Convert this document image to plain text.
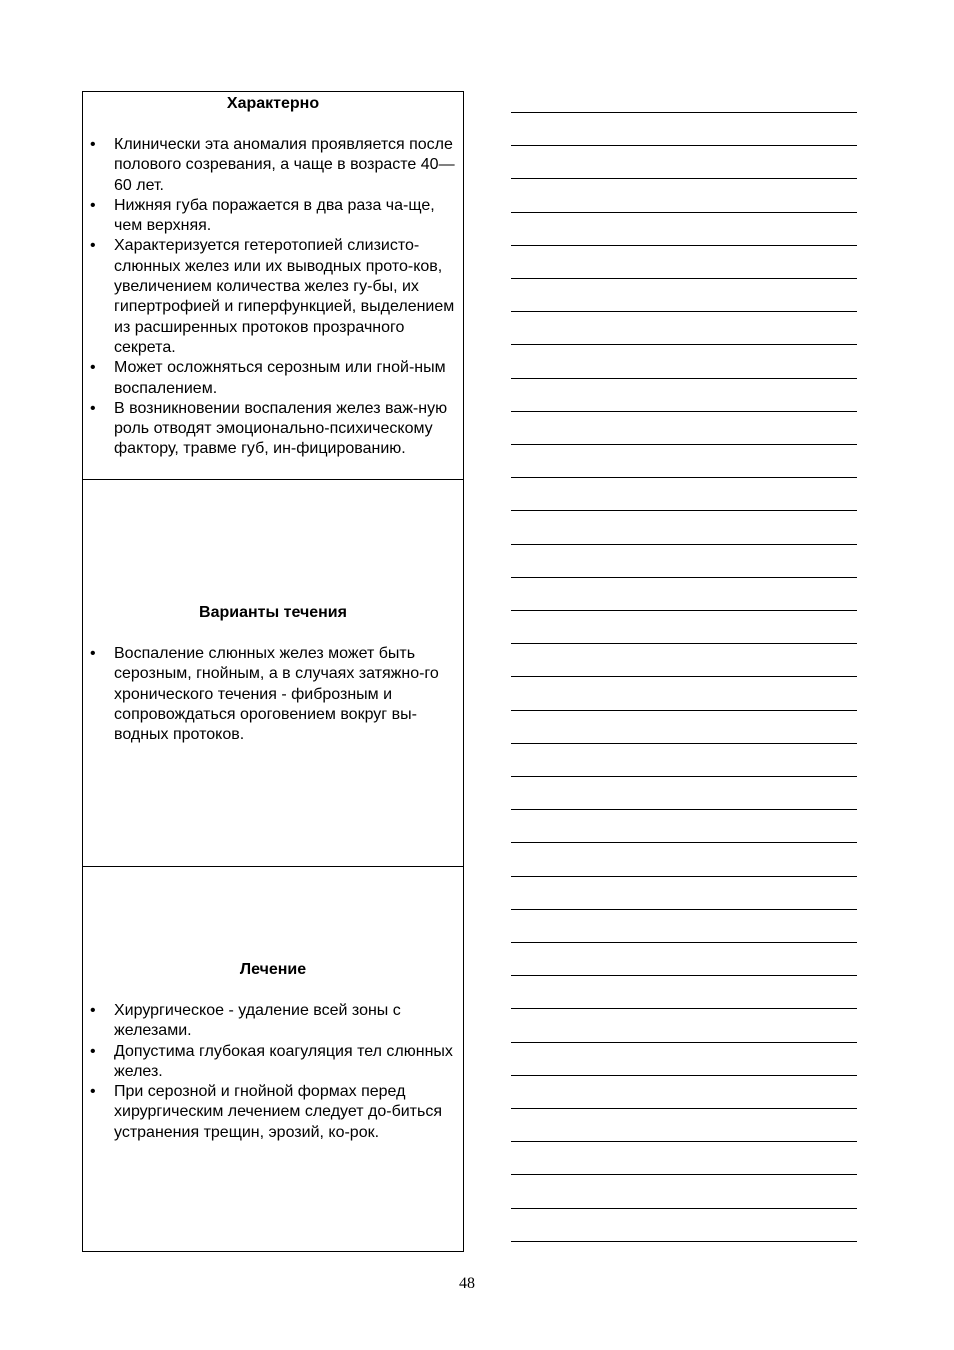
Характерно

• Клинически эта аномалия проявляется после полового созревания, а чаще в возрасте 40—60 лет.
• Нижняя губа поражается в два раза ча-ще, чем верхняя.
• Характеризуется гетеротопией слизисто-слюнных желез или их выводных прото-ков, увеличением количества желез гу-бы, их гипертрофией и гиперфункцией, выделением из расширенных протоков прозрачного секрета.
• Может осложняться серозным или гной-ным воспалением.
• В возникновении воспаления желез важ-ную роль отводят эмоционально-психическому фактору, травме губ, ин-фицированию.

Варианты течения

• Воспаление слюнных желез может быть серозным, гнойным, а в случаях затяжно-го хронического течения - фиброзным и сопровождаться ороговением вокруг вы-водных протоков.

Лечение

• Хирургическое - удаление всей зоны с железами.
• Допустима глубокая коагуляция тел слюнных желез.
• При серозной и гнойной формах перед хирургическим лечением следует до-биться устранения трещин, эрозий, ко-рок.
48
